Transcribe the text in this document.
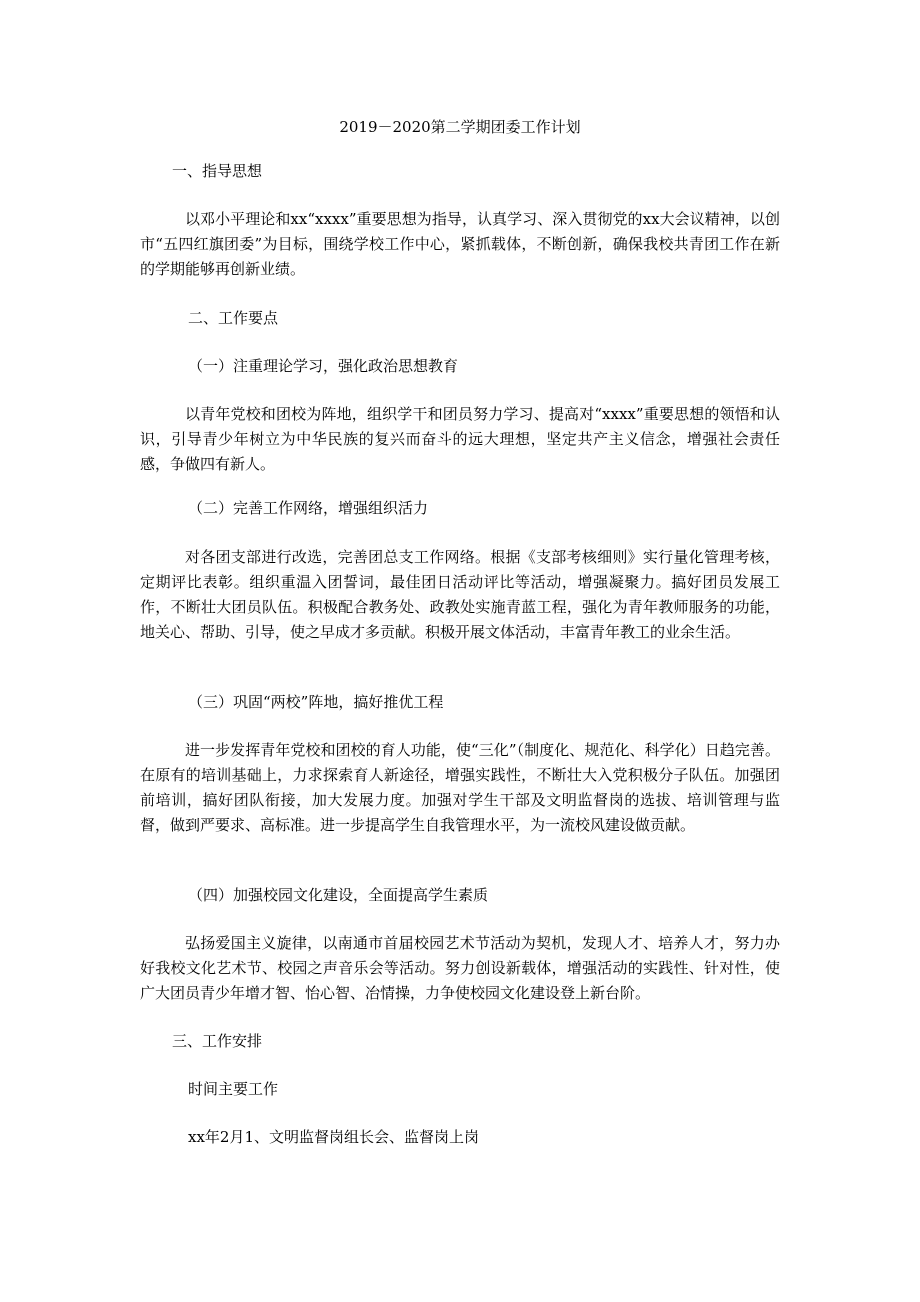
2019－2020第二学期团委工作计划

一、指导思想

以邓小平理论和xx“xxxx”重要思想为指导，认真学习、深入贯彻党的xx大会议精神，以创市“五四红旗团委”为目标，围绕学校工作中心，紧抓载体，不断创新，确保我校共青团工作在新的学期能够再创新业绩。

二、工作要点

（一）注重理论学习，强化政治思想教育

以青年党校和团校为阵地，组织学干和团员努力学习、提高对“xxxx”重要思想的领悟和认识，引导青少年树立为中华民族的复兴而奋斗的远大理想，坚定共产主义信念，增强社会责任感，争做四有新人。

（二）完善工作网络，增强组织活力

对各团支部进行改选，完善团总支工作网络。根据《支部考核细则》实行量化管理考核，定期评比表彰。组织重温入团誓词，最佳团日活动评比等活动，增强凝聚力。搞好团员发展工作，不断壮大团员队伍。积极配合教务处、政教处实施青蓝工程，强化为青年教师服务的功能，地关心、帮助、引导，使之早成才多贡献。积极开展文体活动，丰富青年教工的业余生活。

（三）巩固“两校”阵地，搞好推优工程

进一步发挥青年党校和团校的育人功能，使“三化”（制度化、规范化、科学化）日趋完善。在原有的培训基础上，力求探索育人新途径，增强实践性，不断壮大入党积极分子队伍。加强团前培训，搞好团队衔接，加大发展力度。加强对学生干部及文明监督岗的选拔、培训管理与监督，做到严要求、高标准。进一步提高学生自我管理水平，为一流校风建设做贡献。

（四）加强校园文化建设，全面提高学生素质

弘扬爱国主义旋律，以南通市首届校园艺术节活动为契机，发现人才、培养人才，努力办好我校文化艺术节、校园之声音乐会等活动。努力创设新载体，增强活动的实践性、针对性，使广大团员青少年增才智、怡心智、冶情操，力争使校园文化建设登上新台阶。

三、工作安排

时间主要工作

xx年2月1、文明监督岗组长会、监督岗上岗
